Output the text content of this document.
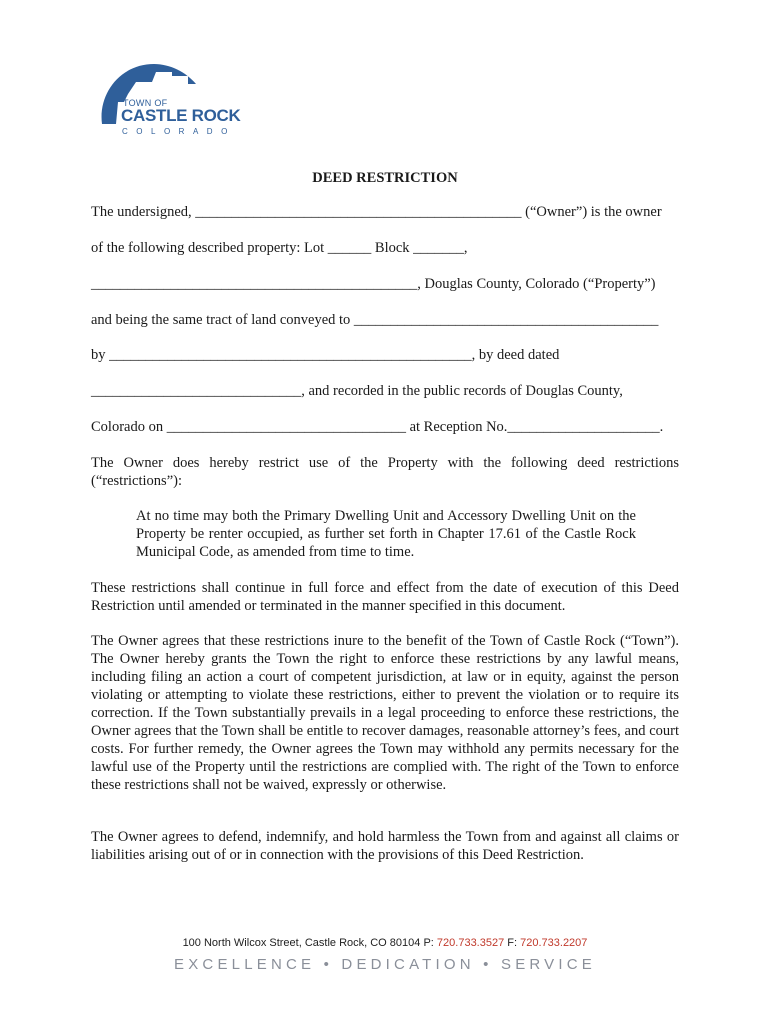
TOWN OF
CASTLE ROCK
COLORADO
DEED RESTRICTION
The undersigned, _____________________________________________ (“Owner”) is the owner
of the following described property: Lot ______ Block _______,
_____________________________________________, Douglas County, Colorado (“Property”)
and being the same tract of land conveyed to __________________________________________
by __________________________________________________, by deed dated
_____________________________, and recorded in the public records of Douglas County,
Colorado on _________________________________ at Reception No._____________________.
The Owner does hereby restrict use of the Property with the following deed restrictions (“restrictions”):
At no time may both the Primary Dwelling Unit and Accessory Dwelling Unit on the Property be renter occupied, as further set forth in Chapter 17.61 of the Castle Rock Municipal Code, as amended from time to time.
These restrictions shall continue in full force and effect from the date of execution of this Deed Restriction until amended or terminated in the manner specified in this document.
The Owner agrees that these restrictions inure to the benefit of the Town of Castle Rock (“Town”). The Owner hereby grants the Town the right to enforce these restrictions by any lawful means, including filing an action a court of competent jurisdiction, at law or in equity, against the person violating or attempting to violate these restrictions, either to prevent the violation or to require its correction. If the Town substantially prevails in a legal proceeding to enforce these restrictions, the Owner agrees that the Town shall be entitle to recover damages, reasonable attorney’s fees, and court costs. For further remedy, the Owner agrees the Town may withhold any permits necessary for the lawful use of the Property until the restrictions are complied with. The right of the Town to enforce these restrictions shall not be waived, expressly or otherwise.
The Owner agrees to defend, indemnify, and hold harmless the Town from and against all claims or liabilities arising out of or in connection with the provisions of this Deed Restriction.
100 North Wilcox Street, Castle Rock, CO 80104 P: 720.733.3527 F: 720.733.2207
EXCELLENCE • DEDICATION • SERVICE
